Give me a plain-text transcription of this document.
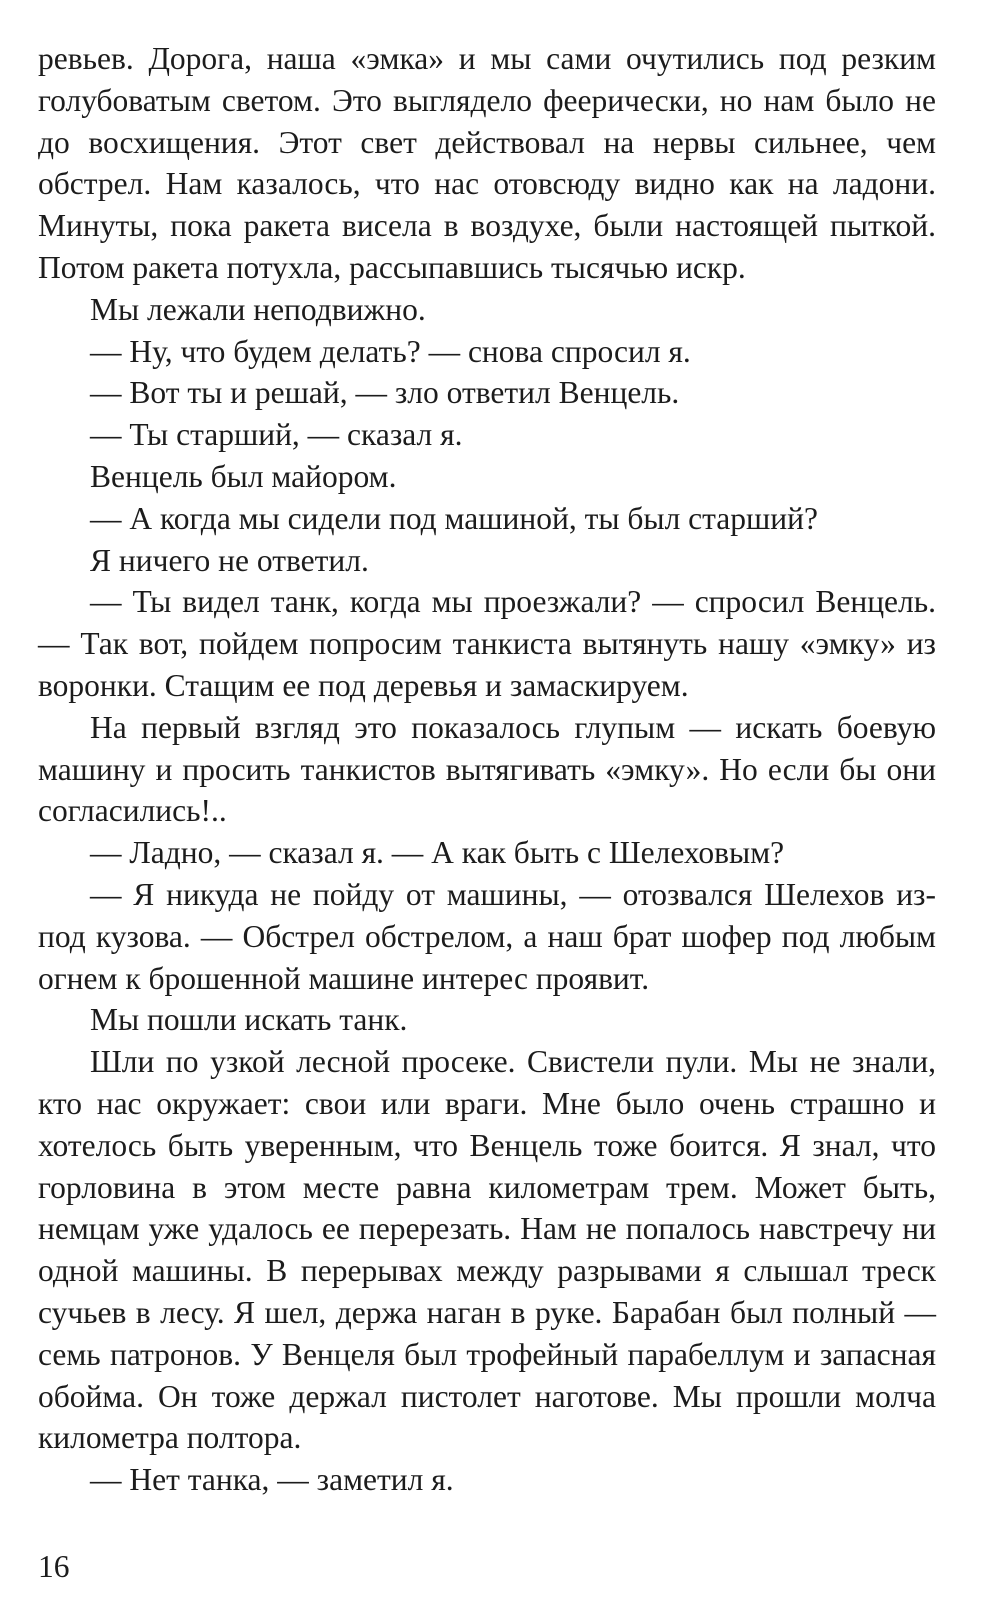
ревьев. Дорога, наша «эмка» и мы сами очутились под резким голубоватым светом. Это выглядело феерически, но нам было не до восхищения. Этот свет действовал на нервы сильнее, чем обстрел. Нам казалось, что нас отовсюду видно как на ладони. Минуты, пока ракета висела в воздухе, были настоящей пыткой. Потом ракета потухла, рассыпавшись тысячью искр.

Мы лежали неподвижно.

— Ну, что будем делать? — снова спросил я.

— Вот ты и решай, — зло ответил Венцель.

— Ты старший, — сказал я.

Венцель был майором.

— А когда мы сидели под машиной, ты был старший?

Я ничего не ответил.

— Ты видел танк, когда мы проезжали? — спросил Венцель. — Так вот, пойдем попросим танкиста вытянуть нашу «эмку» из воронки. Стащим ее под деревья и замаскируем.

На первый взгляд это показалось глупым — искать боевую машину и просить танкистов вытягивать «эмку». Но если бы они согласились!..

— Ладно, — сказал я. — А как быть с Шелеховым?

— Я никуда не пойду от машины, — отозвался Шелехов из-под кузова. — Обстрел обстрелом, а наш брат шофер под любым огнем к брошенной машине интерес проявит.

Мы пошли искать танк.

Шли по узкой лесной просеке. Свистели пули. Мы не знали, кто нас окружает: свои или враги. Мне было очень страшно и хотелось быть уверенным, что Венцель тоже боится. Я знал, что горловина в этом месте равна километрам трем. Может быть, немцам уже удалось ее перерезать. Нам не попалось навстречу ни одной машины. В перерывах между разрывами я слышал треск сучьев в лесу. Я шел, держа наган в руке. Барабан был полный — семь патронов. У Венцеля был трофейный парабеллум и запасная обойма. Он тоже держал пистолет наготове. Мы прошли молча километра полтора.

— Нет танка, — заметил я.

16
